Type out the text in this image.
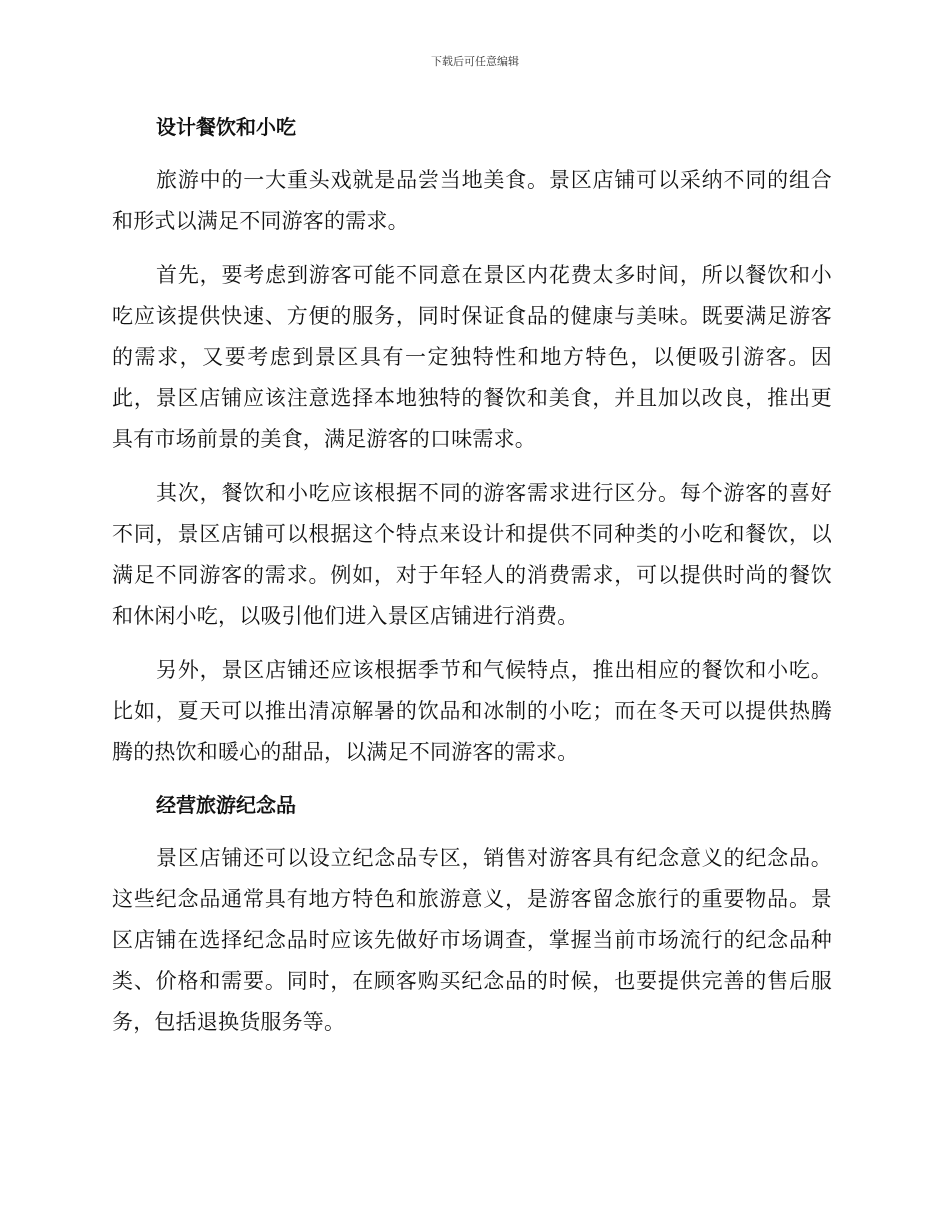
下载后可任意编辑
设计餐饮和小吃

旅游中的一大重头戏就是品尝当地美食。景区店铺可以采纳不同的组合和形式以满足不同游客的需求。

首先，要考虑到游客可能不同意在景区内花费太多时间，所以餐饮和小吃应该提供快速、方便的服务，同时保证食品的健康与美味。既要满足游客的需求，又要考虑到景区具有一定独特性和地方特色，以便吸引游客。因此，景区店铺应该注意选择本地独特的餐饮和美食，并且加以改良，推出更具有市场前景的美食，满足游客的口味需求。

其次，餐饮和小吃应该根据不同的游客需求进行区分。每个游客的喜好不同，景区店铺可以根据这个特点来设计和提供不同种类的小吃和餐饮，以满足不同游客的需求。例如，对于年轻人的消费需求，可以提供时尚的餐饮和休闲小吃，以吸引他们进入景区店铺进行消费。

另外，景区店铺还应该根据季节和气候特点，推出相应的餐饮和小吃。比如，夏天可以推出清凉解暑的饮品和冰制的小吃；而在冬天可以提供热腾腾的热饮和暖心的甜品，以满足不同游客的需求。

经营旅游纪念品

景区店铺还可以设立纪念品专区，销售对游客具有纪念意义的纪念品。这些纪念品通常具有地方特色和旅游意义，是游客留念旅行的重要物品。景区店铺在选择纪念品时应该先做好市场调查，掌握当前市场流行的纪念品种类、价格和需要。同时，在顾客购买纪念品的时候，也要提供完善的售后服务，包括退换货服务等。
